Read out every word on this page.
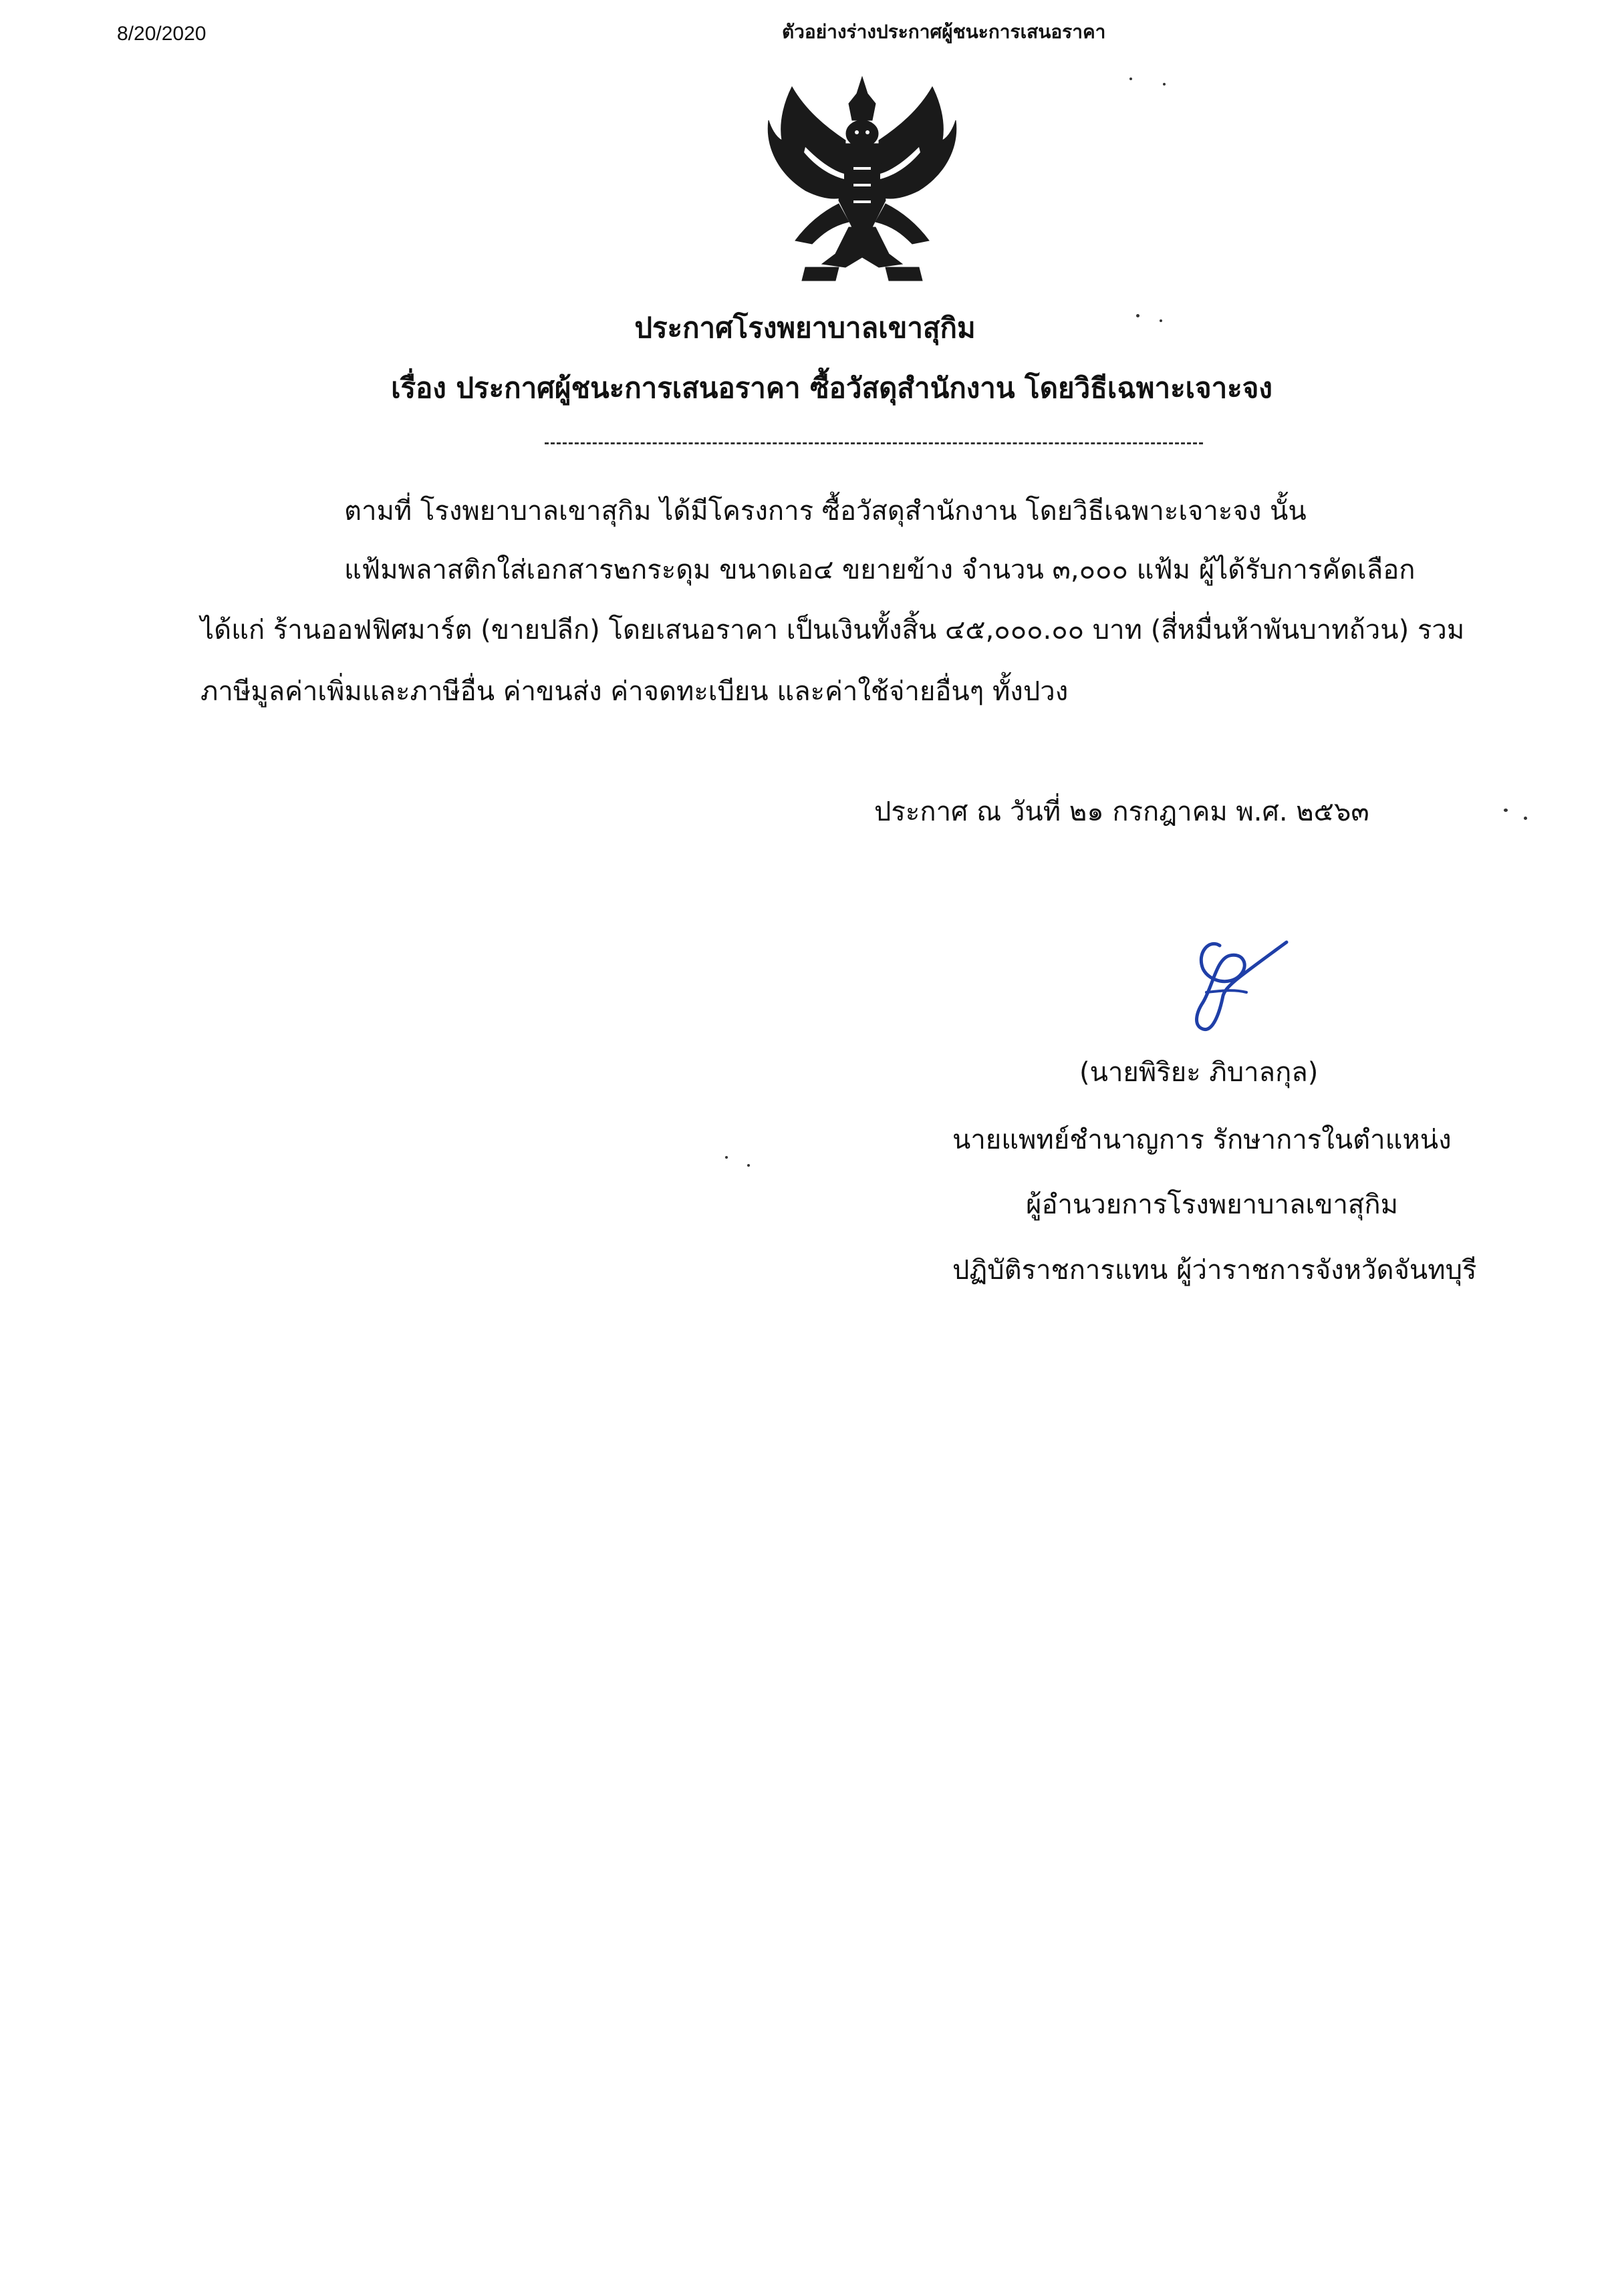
8/20/2020	ตัวอย่างร่างประกาศผู้ชนะการเสนอราคา
ประกาศโรงพยาบาลเขาสุกิม
เรื่อง ประกาศผู้ชนะการเสนอราคา ซื้อวัสดุสำนักงาน โดยวิธีเฉพาะเจาะจง
ตามที่ โรงพยาบาลเขาสุกิม ได้มีโครงการ ซื้อวัสดุสำนักงาน โดยวิธีเฉพาะเจาะจง นั้น
แฟ้มพลาสติกใส่เอกสาร๒กระดุม ขนาดเอ๔ ขยายข้าง จำนวน ๓,๐๐๐ แฟ้ม ผู้ได้รับการคัดเลือก
ได้แก่ ร้านออฟฟิศมาร์ต (ขายปลีก) โดยเสนอราคา เป็นเงินทั้งสิ้น ๔๕,๐๐๐.๐๐ บาท (สี่หมื่นห้าพันบาทถ้วน) รวม
ภาษีมูลค่าเพิ่มและภาษีอื่น ค่าขนส่ง ค่าจดทะเบียน และค่าใช้จ่ายอื่นๆ ทั้งปวง
ประกาศ ณ วันที่ ๒๑ กรกฎาคม พ.ศ. ๒๕๖๓
(นายพิริยะ ภิบาลกุล)
นายแพทย์ชำนาญการ รักษาการในตำแหน่ง
ผู้อำนวยการโรงพยาบาลเขาสุกิม
ปฏิบัติราชการแทน ผู้ว่าราชการจังหวัดจันทบุรี
